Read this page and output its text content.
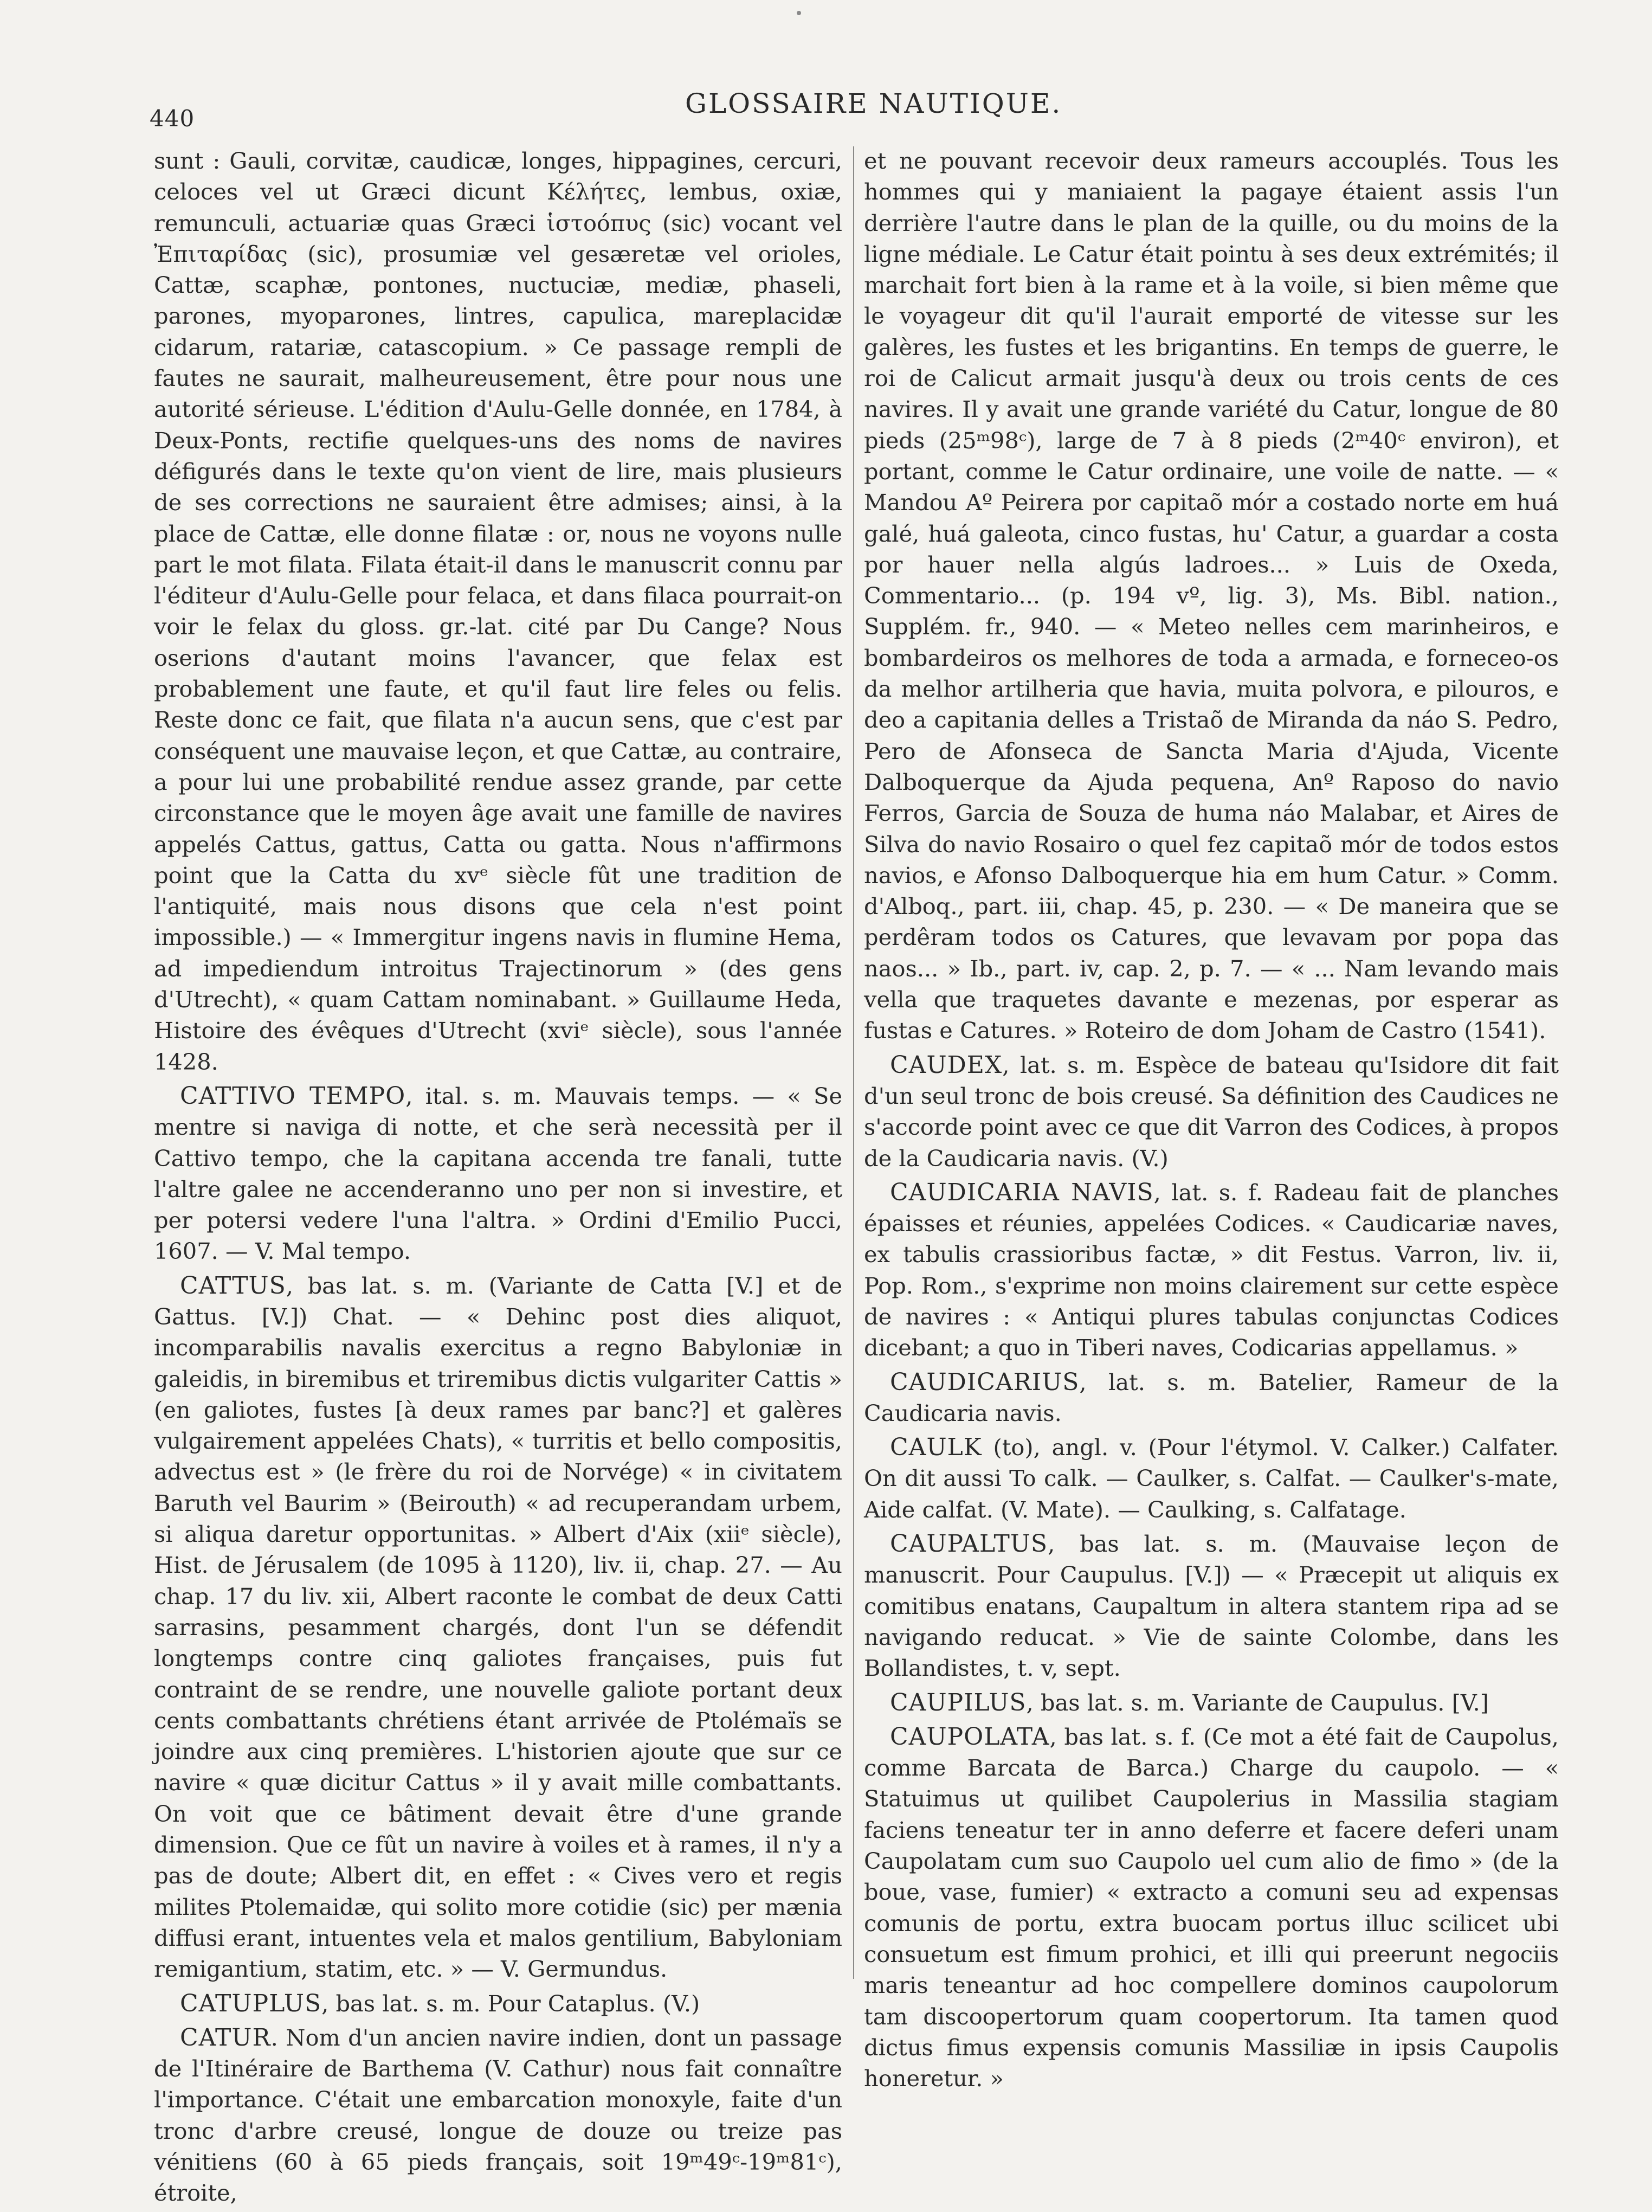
440	GLOSSAIRE NAUTIQUE.

sunt : Gauli, corvitæ, caudicæ, longes, hippagines, cercuri, celoces vel ut Græci dicunt Κέλήτες, lembus, oxiæ, remunculi, actuariæ quas Græci ἱστοόπυς (sic) vocant vel Ἐπιταρίδας (sic), prosumiæ vel gesæretæ vel orioles, Cattæ, scaphæ, pontones, nuctuciæ, mediæ, phaseli, parones, myoparones, lintres, capulica, mareplacidæ cidarum, ratariæ, catascopium. » Ce passage rempli de fautes ne saurait, malheureusement, être pour nous une autorité sérieuse. L'édition d'Aulu-Gelle donnée, en 1784, à Deux-Ponts, rectifie quelques-uns des noms de navires défigurés dans le texte qu'on vient de lire, mais plusieurs de ses corrections ne sauraient être admises; ainsi, à la place de Cattæ, elle donne filatæ : or, nous ne voyons nulle part le mot filata. Filata était-il dans le manuscrit connu par l'éditeur d'Aulu-Gelle pour felaca, et dans filaca pourrait-on voir le felax du gloss. gr.-lat. cité par Du Cange? Nous oserions d'autant moins l'avancer, que felax est probablement une faute, et qu'il faut lire feles ou felis. Reste donc ce fait, que filata n'a aucun sens, que c'est par conséquent une mauvaise leçon, et que Cattæ, au contraire, a pour lui une probabilité rendue assez grande, par cette circonstance que le moyen âge avait une famille de navires appelés Cattus, gattus, Catta ou gatta. Nous n'affirmons point que la Catta du xvᵉ siècle fût une tradition de l'antiquité, mais nous disons que cela n'est point impossible.) — « Immergitur ingens navis in flumine Hema, ad impediendum introitus Trajectinorum » (des gens d'Utrecht), « quam Cattam nominabant. » Guillaume Heda, Histoire des évêques d'Utrecht (xviᵉ siècle), sous l'année 1428.

CATTIVO TEMPO, ital. s. m. Mauvais temps. — « Se mentre si naviga di notte, et che serà necessità per il Cattivo tempo, che la capitana accenda tre fanali, tutte l'altre galee ne accenderanno uno per non si investire, et per potersi vedere l'una l'altra. » Ordini d'Emilio Pucci, 1607. — V. Mal tempo.

CATTUS, bas lat. s. m. (Variante de Catta [V.] et de Gattus. [V.]) Chat. — « Dehinc post dies aliquot, incomparabilis navalis exercitus a regno Babyloniæ in galeidis, in biremibus et triremibus dictis vulgariter Cattis » (en galiotes, fustes [à deux rames par banc?] et galères vulgairement appelées Chats), « turritis et bello compositis, advectus est » (le frère du roi de Norvége) « in civitatem Baruth vel Baurim » (Beirouth) « ad recuperandam urbem, si aliqua daretur opportunitas. » Albert d'Aix (xiiᵉ siècle), Hist. de Jérusalem (de 1095 à 1120), liv. ii, chap. 27. — Au chap. 17 du liv. xii, Albert raconte le combat de deux Catti sarrasins, pesamment chargés, dont l'un se défendit longtemps contre cinq galiotes françaises, puis fut contraint de se rendre, une nouvelle galiote portant deux cents combattants chrétiens étant arrivée de Ptolémaïs se joindre aux cinq premières. L'historien ajoute que sur ce navire « quæ dicitur Cattus » il y avait mille combattants. On voit que ce bâtiment devait être d'une grande dimension. Que ce fût un navire à voiles et à rames, il n'y a pas de doute; Albert dit, en effet : « Cives vero et regis milites Ptolemaidæ, qui solito more cotidie (sic) per mænia diffusi erant, intuentes vela et malos gentilium, Babyloniam remigantium, statim, etc. » — V. Germundus.

CATUPLUS, bas lat. s. m. Pour Cataplus. (V.)

CATUR. Nom d'un ancien navire indien, dont un passage de l'Itinéraire de Barthema (V. Cathur) nous fait connaître l'importance. C'était une embarcation monoxyle, faite d'un tronc d'arbre creusé, longue de douze ou treize pas vénitiens (60 à 65 pieds français, soit 19ᵐ49ᶜ-19ᵐ81ᶜ), étroite,

et ne pouvant recevoir deux rameurs accouplés. Tous les hommes qui y maniaient la pagaye étaient assis l'un derrière l'autre dans le plan de la quille, ou du moins de la ligne médiale. Le Catur était pointu à ses deux extrémités; il marchait fort bien à la rame et à la voile, si bien même que le voyageur dit qu'il l'aurait emporté de vitesse sur les galères, les fustes et les brigantins. En temps de guerre, le roi de Calicut armait jusqu'à deux ou trois cents de ces navires. Il y avait une grande variété du Catur, longue de 80 pieds (25ᵐ98ᶜ), large de 7 à 8 pieds (2ᵐ40ᶜ environ), et portant, comme le Catur ordinaire, une voile de natte. — « Mandou Aº Peirera por capitaõ mór a costado norte em huá galé, huá galeota, cinco fustas, hu' Catur, a guardar a costa por hauer nella algús ladroes... » Luis de Oxeda, Commentario... (p. 194 vº, lig. 3), Ms. Bibl. nation., Supplém. fr., 940. — « Meteo nelles cem marinheiros, e bombardeiros os melhores de toda a armada, e forneceo-os da melhor artilheria que havia, muita polvora, e pilouros, e deo a capitania delles a Tristaõ de Miranda da náo S. Pedro, Pero de Afonseca de Sancta Maria d'Ajuda, Vicente Dalboquerque da Ajuda pequena, Anº Raposo do navio Ferros, Garcia de Souza de huma náo Malabar, et Aires de Silva do navio Rosairo o quel fez capitaõ mór de todos estos navios, e Afonso Dalboquerque hia em hum Catur. » Comm. d'Alboq., part. iii, chap. 45, p. 230. — « De maneira que se perdêram todos os Catures, que levavam por popa das naos... » Ib., part. iv, cap. 2, p. 7. — « ... Nam levando mais vella que traquetes davante e mezenas, por esperar as fustas e Catures. » Roteiro de dom Joham de Castro (1541).

CAUDEX, lat. s. m. Espèce de bateau qu'Isidore dit fait d'un seul tronc de bois creusé. Sa définition des Caudices ne s'accorde point avec ce que dit Varron des Codices, à propos de la Caudicaria navis. (V.)

CAUDICARIA NAVIS, lat. s. f. Radeau fait de planches épaisses et réunies, appelées Codices. « Caudicariæ naves, ex tabulis crassioribus factæ, » dit Festus. Varron, liv. ii, Pop. Rom., s'exprime non moins clairement sur cette espèce de navires : « Antiqui plures tabulas conjunctas Codices dicebant; a quo in Tiberi naves, Codicarias appellamus. »

CAUDICARIUS, lat. s. m. Batelier, Rameur de la Caudicaria navis.

CAULK (to), angl. v. (Pour l'étymol. V. Calker.) Calfater. On dit aussi To calk. — Caulker, s. Calfat. — Caulker's-mate, Aide calfat. (V. Mate). — Caulking, s. Calfatage.

CAUPALTUS, bas lat. s. m. (Mauvaise leçon de manuscrit. Pour Caupulus. [V.]) — « Præcepit ut aliquis ex comitibus enatans, Caupaltum in altera stantem ripa ad se navigando reducat. » Vie de sainte Colombe, dans les Bollandistes, t. v, sept.

CAUPILUS, bas lat. s. m. Variante de Caupulus. [V.]

CAUPOLATA, bas lat. s. f. (Ce mot a été fait de Caupolus, comme Barcata de Barca.) Charge du caupolo. — « Statuimus ut quilibet Caupolerius in Massilia stagiam faciens teneatur ter in anno deferre et facere deferi unam Caupolatam cum suo Caupolo uel cum alio de fimo » (de la boue, vase, fumier) « extracto a comuni seu ad expensas comunis de portu, extra buocam portus illuc scilicet ubi consuetum est fimum prohici, et illi qui preerunt negociis maris teneantur ad hoc compellere dominos caupolorum tam discoopertorum quam coopertorum. Ita tamen quod dictus fimus expensis comunis Massiliæ in ipsis Caupolis honeretur. »
